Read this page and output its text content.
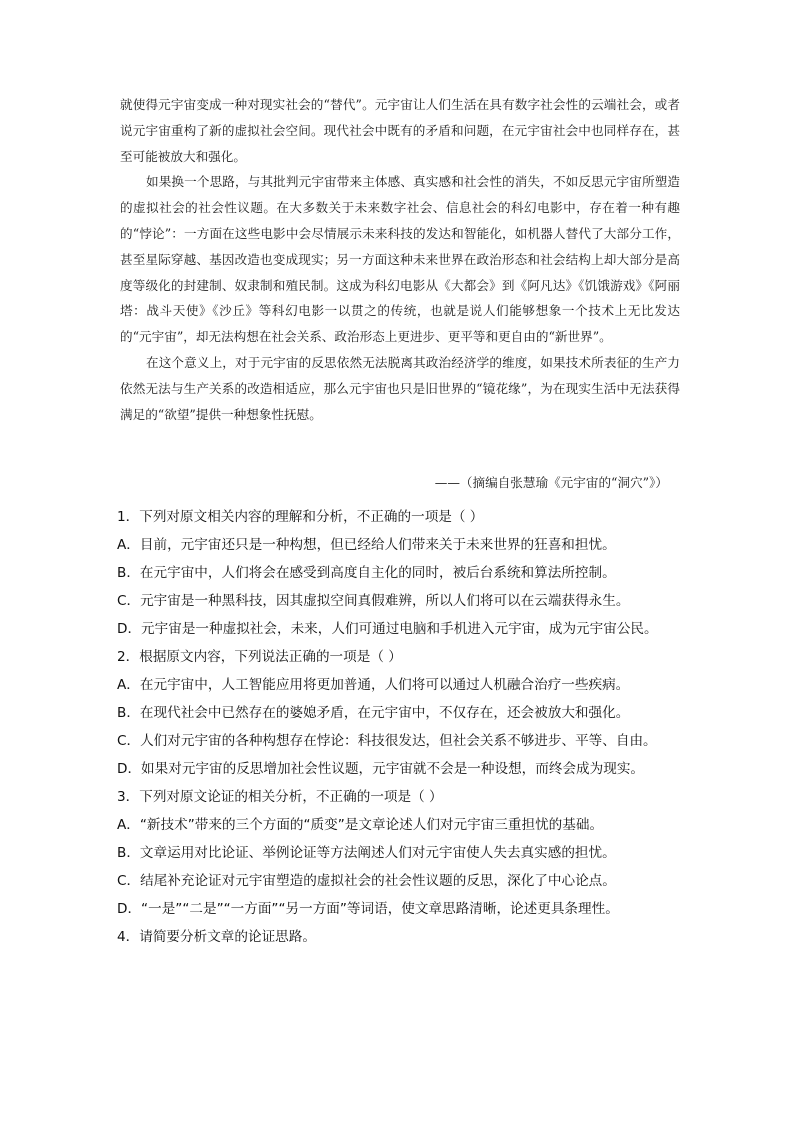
就使得元宇宙变成一种对现实社会的“替代”。元宇宙让人们生活在具有数字社会性的云端社会，或者说元宇宙重构了新的虚拟社会空间。现代社会中既有的矛盾和问题，在元宇宙社会中也同样存在，甚至可能被放大和强化。

如果换一个思路，与其批判元宇宙带来主体感、真实感和社会性的消失，不如反思元宇宙所塑造的虚拟社会的社会性议题。在大多数关于未来数字社会、信息社会的科幻电影中，存在着一种有趣的“悖论”：一方面在这些电影中会尽情展示未来科技的发达和智能化，如机器人替代了大部分工作，甚至星际穿越、基因改造也变成现实；另一方面这种未来世界在政治形态和社会结构上却大部分是高度等级化的封建制、奴隶制和殖民制。这成为科幻电影从《大都会》到《阿凡达》《饥饿游戏》《阿丽塔：战斗天使》《沙丘》等科幻电影一以贯之的传统，也就是说人们能够想象一个技术上无比发达的“元宇宙”，却无法构想在社会关系、政治形态上更进步、更平等和更自由的“新世界”。

在这个意义上，对于元宇宙的反思依然无法脱离其政治经济学的维度，如果技术所表征的生产力依然无法与生产关系的改造相适应，那么元宇宙也只是旧世界的“镜花缘”，为在现实生活中无法获得满足的“欲望”提供一种想象性抚慰。

——（摘编自张慧瑜《元宇宙的“洞穴”》）
1．下列对原文相关内容的理解和分析，不正确的一项是（ ）
A．目前，元宇宙还只是一种构想，但已经给人们带来关于未来世界的狂喜和担忧。
B．在元宇宙中，人们将会在感受到高度自主化的同时，被后台系统和算法所控制。
C．元宇宙是一种黑科技，因其虚拟空间真假难辨，所以人们将可以在云端获得永生。
D．元宇宙是一种虚拟社会，未来，人们可通过电脑和手机进入元宇宙，成为元宇宙公民。
2．根据原文内容，下列说法正确的一项是（ ）
A．在元宇宙中，人工智能应用将更加普通，人们将可以通过人机融合治疗一些疾病。
B．在现代社会中已然存在的婆媳矛盾，在元宇宙中，不仅存在，还会被放大和强化。
C．人们对元宇宙的各种构想存在悖论：科技很发达，但社会关系不够进步、平等、自由。
D．如果对元宇宙的反思增加社会性议题，元宇宙就不会是一种设想，而终会成为现实。
3．下列对原文论证的相关分析，不正确的一项是（ ）
A．“新技术”带来的三个方面的“质变”是文章论述人们对元宇宙三重担忧的基础。
B．文章运用对比论证、举例论证等方法阐述人们对元宇宙使人失去真实感的担忧。
C．结尾补充论证对元宇宙塑造的虚拟社会的社会性议题的反思，深化了中心论点。
D．“一是”“二是”“一方面”“另一方面”等词语，使文章思路清晰，论述更具条理性。
4．请简要分析文章的论证思路。
